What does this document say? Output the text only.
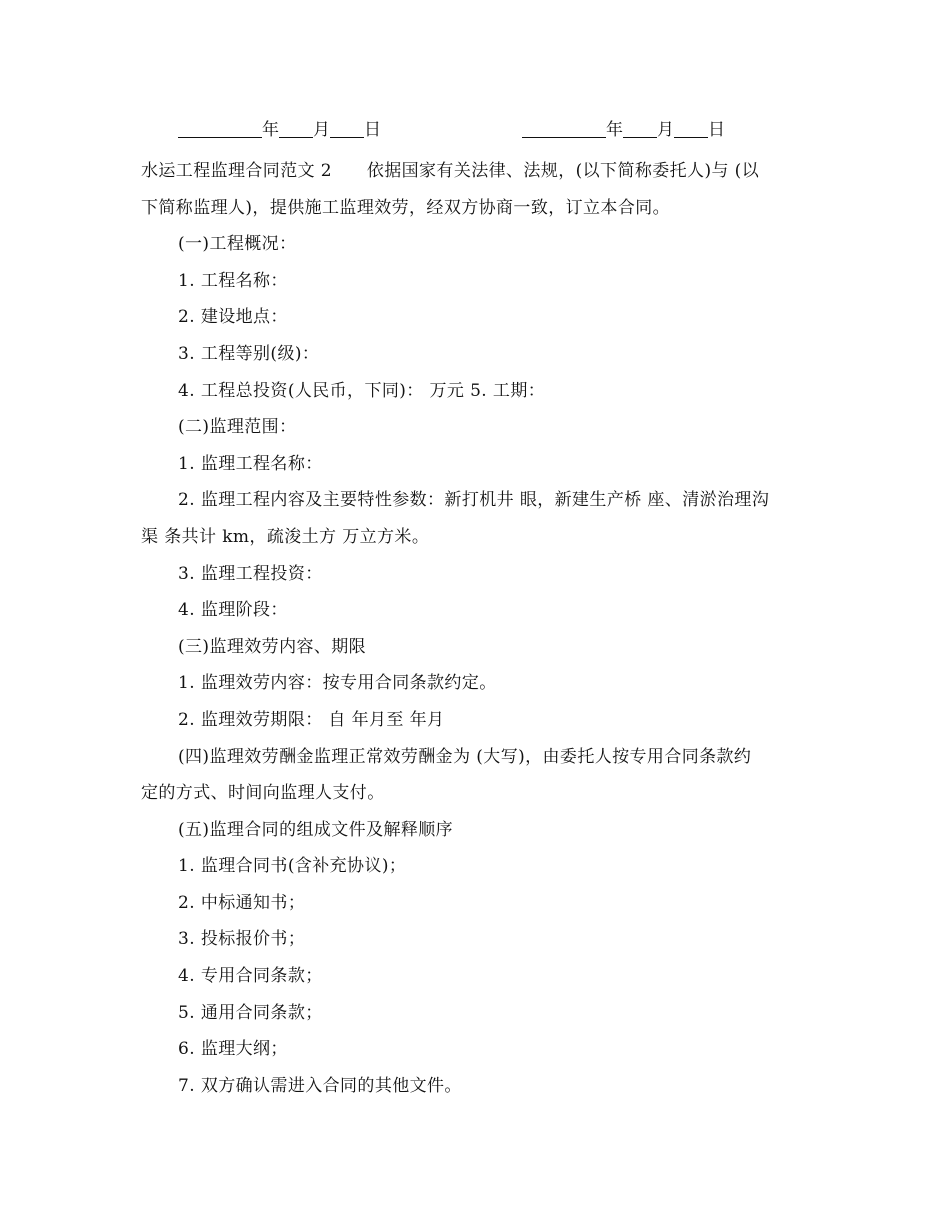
年 月 日	年 月 日
水运工程监理合同范文 2　　依据国家有关法律、法规，(以下简称委托人)与 (以
下简称监理人)，提供施工监理效劳，经双方协商一致，订立本合同。
(一)工程概况：
1. 工程名称：
2. 建设地点：
3. 工程等别(级)：
4. 工程总投资(人民币，下同)： 万元 5. 工期：
(二)监理范围：
1. 监理工程名称：
2. 监理工程内容及主要特性参数：新打机井 眼，新建生产桥 座、清淤治理沟
渠 条共计 km，疏浚土方 万立方米。
3. 监理工程投资：
4. 监理阶段：
(三)监理效劳内容、期限
1. 监理效劳内容：按专用合同条款约定。
2. 监理效劳期限： 自 年月至 年月
(四)监理效劳酬金监理正常效劳酬金为 (大写)，由委托人按专用合同条款约
定的方式、时间向监理人支付。
(五)监理合同的组成文件及解释顺序
1. 监理合同书(含补充协议)；
2. 中标通知书；
3. 投标报价书；
4. 专用合同条款；
5. 通用合同条款；
6. 监理大纲；
7. 双方确认需进入合同的其他文件。
